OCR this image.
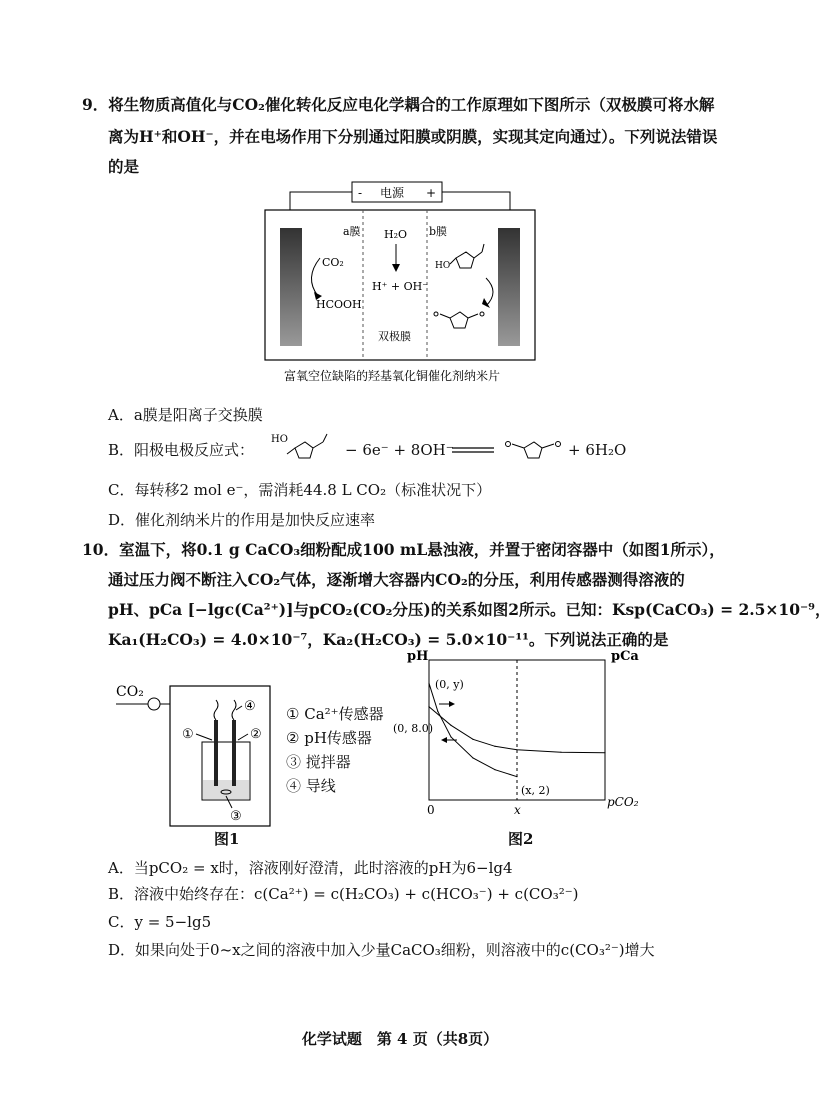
9．将生物质高值化与CO₂催化转化反应电化学耦合的工作原理如下图所示（双极膜可将水解
离为H⁺和OH⁻，并在电场作用下分别通过阳膜或阴膜，实现其定向通过）。下列说法错误
的是
- 电源 +
a膜	b膜
H₂O
H⁺ + OH⁻
双极膜
CO₂
HCOOH
HO
富氧空位缺陷的羟基氧化铜催化剂纳米片
A．a膜是阳离子交换膜
B．阳极电极反应式：
HO
− 6e⁻ + 8OH⁻	+ 6H₂O
C．每转移2 mol e⁻，需消耗44.8 L CO₂（标准状况下）
D．催化剂纳米片的作用是加快反应速率
10．室温下，将0.1 g CaCO₃细粉配成100 mL悬浊液，并置于密闭容器中（如图1所示），
通过压力阀不断注入CO₂气体，逐渐增大容器内CO₂的分压，利用传感器测得溶液的
pH、pCa [−lgc(Ca²⁺)]与pCO₂(CO₂分压)的关系如图2所示。已知：Ksp(CaCO₃) = 2.5×10⁻⁹，
Ka₁(H₂CO₃) = 4.0×10⁻⁷，Ka₂(H₂CO₃) = 5.0×10⁻¹¹。下列说法正确的是
CO₂
①	②
④
③
① Ca²⁺传感器
② pH传感器
③ 搅拌器
④ 导线
图1
pH	pCa
pCO₂
0	x
(0, y)
(0, 8.0)
(x, 2)
图2
A．当pCO₂ = x时，溶液刚好澄清，此时溶液的pH为6−lg4
B．溶液中始终存在：c(Ca²⁺) = c(H₂CO₃) + c(HCO₃⁻) + c(CO₃²⁻)
C．y = 5−lg5
D．如果向处于0~x之间的溶液中加入少量CaCO₃细粉，则溶液中的c(CO₃²⁻)增大
化学试题　第 4 页（共8页）
